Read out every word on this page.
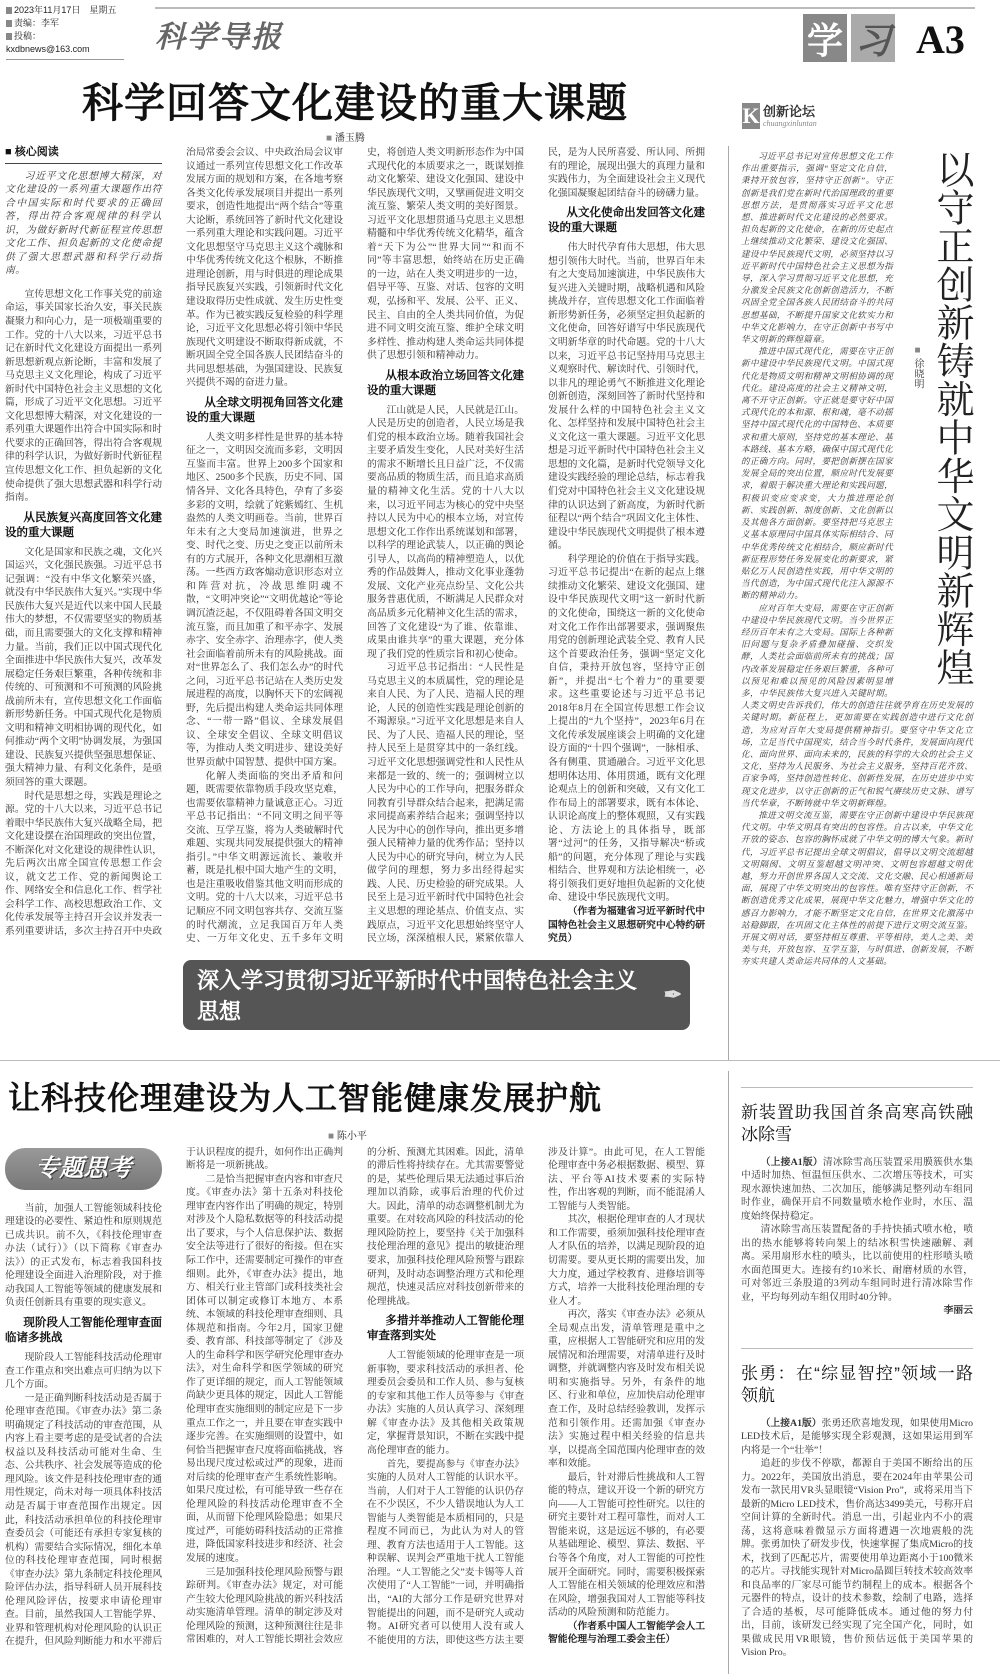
2023年11月17日　星期五
责编：李军
投稿：kxdbnews@163.com	科学导报	学 习 A3
科学回答文化建设的重大课题
■ 潘玉腾
K 创新论坛
chuangxinluntan
■ 核心阅读

习近平文化思想博大精深，对文化建设的一系列重大课题作出符合中国实际和时代要求的正确回答，得出符合客观规律的科学认识，为做好新时代新征程宣传思想文化工作、担负起新的文化使命提供了强大思想武器和科学行动指南。

宣传思想文化工作事关党的前途命运，事关国家长治久安，事关民族凝聚力和向心力，是一项极端重要的工作。党的十八大以来，习近平总书记在新时代文化建设方面提出一系列新思想新观点新论断，丰富和发展了马克思主义文化理论，构成了习近平新时代中国特色社会主义思想的文化篇，形成了习近平文化思想。习近平文化思想博大精深，对文化建设的一系列重大课题作出符合中国实际和时代要求的正确回答，得出符合客观规律的科学认识，为做好新时代新征程宣传思想文化工作、担负起新的文化使命提供了强大思想武器和科学行动指南。

从民族复兴高度回答文化建设的重大课题

文化是国家和民族之魂，文化兴国运兴，文化强民族强。习近平总书记强调：“没有中华文化繁荣兴盛，就没有中华民族伟大复兴。”实现中华民族伟大复兴是近代以来中国人民最伟大的梦想，不仅需要坚实的物质基础，而且需要强大的文化支撑和精神力量。当前，我们正以中国式现代化全面推进中华民族伟大复兴，改革发展稳定任务艰巨繁重，各种传统和非传统的、可预测和不可预测的风险挑战前所未有，宣传思想文化工作面临新形势新任务。中国式现代化是物质文明和精神文明相协调的现代化，如何推动“两个文明”协调发展，为强国建设、民族复兴提供坚强思想保证、强大精神力量、有利文化条件，是亟须回答的重大课题。

时代是思想之母，实践是理论之源。党的十八大以来，习近平总书记着眼中华民族伟大复兴战略全局，把文化建设摆在治国理政的突出位置，不断深化对文化建设的规律性认识，先后两次出席全国宣传思想工作会议，就文艺工作、党的新闻舆论工作、网络安全和信息化工作、哲学社会科学工作、高校思想政治工作、文化传承发展等主持召开会议并发表一系列重要讲话，多次主持召开中央政治局常委会会议、中央政治局会议审议通过一系列宣传思想文化工作改革发展方面的规划和方案，在各地考察各类文化传承发展项目并提出一系列要求，创造性地提出“两个结合”等重大论断，系统回答了新时代文化建设一系列重大理论和实践问题。习近平文化思想坚守马克思主义这个魂脉和中华优秀传统文化这个根脉，不断推进理论创新，用与时俱进的理论成果指导民族复兴实践，引领新时代文化建设取得历史性成就、发生历史性变革。作为已被实践反复检验的科学理论，习近平文化思想必将引领中华民族现代文明建设不断取得新成就，不断巩固全党全国各族人民团结奋斗的共同思想基础，为强国建设、民族复兴提供不竭的奋进力量。

从全球文明视角回答文化建设的重大课题

人类文明多样性是世界的基本特征之一，文明因交流而多彩，文明因互鉴而丰富。世界上200多个国家和地区、2500多个民族，历史不同、国情各异、文化各具特色，孕育了多姿多彩的文明，绘就了姹紫嫣红、生机盎然的人类文明画卷。当前，世界百年未有之大变局加速演进，世界之变、时代之变、历史之变正以前所未有的方式展开，各种文化思潮相互激荡。一些西方政客煽动意识形态对立和阵营对抗，冷战思维阴魂不散，“文明冲突论”“文明优越论”等论调沉渣泛起，不仅阻碍着各国文明交流互鉴，而且加重了和平赤字、发展赤字、安全赤字、治理赤字，使人类社会面临着前所未有的风险挑战。面对“世界怎么了、我们怎么办”的时代之问，习近平总书记站在人类历史发展进程的高度，以胸怀天下的宏阔视野，先后提出构建人类命运共同体理念、“一带一路”倡议、全球发展倡议、全球安全倡议、全球文明倡议等，为推动人类文明进步、建设美好世界贡献中国智慧、提供中国方案。

化解人类面临的突出矛盾和问题，既需要依靠物质手段攻坚克难，也需要依靠精神力量诚意正心。习近平总书记指出：“不同文明之间平等交流、互学互鉴，将为人类破解时代难题、实现共同发展提供强大的精神指引。”中华文明源远流长、兼收并蓄，既是扎根中国大地产生的文明，也是注重吸收借鉴其他文明而形成的文明。党的十八大以来，习近平总书记顺应不同文明包容共存、交流互鉴的时代潮流，立足我国百万年人类史、一万年文化史、五千多年文明史，将创造人类文明新形态作为中国式现代化的本质要求之一，既谋划推动文化繁荣、建设文化强国、建设中华民族现代文明，又擘画促进文明交流互鉴、繁荣人类文明的美好图景。习近平文化思想贯通马克思主义思想精髓和中华优秀传统文化精华，蕴含着“天下为公”“世界大同”“和而不同”等丰富思想，始终站在历史正确的一边，站在人类文明进步的一边，倡导平等、互鉴、对话、包容的文明观，弘扬和平、发展、公平、正义、民主、自由的全人类共同价值，为促进不同文明交流互鉴、维护全球文明多样性、推动构建人类命运共同体提供了思想引领和精神动力。

从根本政治立场回答文化建设的重大课题

江山就是人民，人民就是江山。人民是历史的创造者，人民立场是我们党的根本政治立场。随着我国社会主要矛盾发生变化，人民对美好生活的需求不断增长且日益广泛，不仅需要高品质的物质生活，而且追求高质量的精神文化生活。党的十八大以来，以习近平同志为核心的党中央坚持以人民为中心的根本立场，对宣传思想文化工作作出系统谋划和部署，以科学的理论武装人，以正确的舆论引导人，以高尚的精神塑造人，以优秀的作品鼓舞人，推动文化事业蓬勃发展、文化产业亮点纷呈、文化公共服务普惠优质，不断满足人民群众对高品质多元化精神文化生活的需求，回答了文化建设“为了谁、依靠谁、成果由谁共享”的重大课题，充分体现了我们党的性质宗旨和初心使命。

习近平总书记指出：“人民性是马克思主义的本质属性，党的理论是来自人民、为了人民、造福人民的理论，人民的创造性实践是理论创新的不竭源泉。”习近平文化思想是来自人民、为了人民、造福人民的理论，坚持人民至上是贯穿其中的一条红线。习近平文化思想强调党性和人民性从来都是一致的、统一的；强调树立以人民为中心的工作导向，把服务群众同教育引导群众结合起来，把满足需求同提高素养结合起来；强调坚持以人民为中心的创作导向，推出更多增强人民精神力量的优秀作品；坚持以人民为中心的研究导向，树立为人民做学问的理想，努力多出经得起实践、人民、历史检验的研究成果。人民至上是习近平新时代中国特色社会主义思想的理论基点、价值支点、实践原点，习近平文化思想始终坚守人民立场，深深植根人民，紧紧依靠人民，是为人民所喜爱、所认同、所拥有的理论，展现出强大的真理力量和实践伟力，为全面建设社会主义现代化强国凝聚起团结奋斗的磅礴力量。

从文化使命出发回答文化建设的重大课题

伟大时代孕育伟大思想，伟大思想引领伟大时代。当前，世界百年未有之大变局加速演进，中华民族伟大复兴进入关键时期，战略机遇和风险挑战并存，宣传思想文化工作面临着新形势新任务，必须坚定担负起新的文化使命，回答好谱写中华民族现代文明新华章的时代命题。党的十八大以来，习近平总书记坚持用马克思主义观察时代、解读时代、引领时代，以非凡的理论勇气不断推进文化理论创新创造，深刻回答了新时代坚持和发展什么样的中国特色社会主义文化、怎样坚持和发展中国特色社会主义文化这一重大课题。习近平文化思想是习近平新时代中国特色社会主义思想的文化篇，是新时代党领导文化建设实践经验的理论总结，标志着我们党对中国特色社会主义文化建设规律的认识达到了新高度，为新时代新征程以“两个结合”巩固文化主体性、建设中华民族现代文明提供了根本遵循。

科学理论的价值在于指导实践。习近平总书记提出“在新的起点上继续推动文化繁荣、建设文化强国、建设中华民族现代文明”这一新时代新的文化使命，围绕这一新的文化使命对文化工作作出部署要求，强调聚焦用党的创新理论武装全党、教育人民这个首要政治任务，强调“坚定文化自信，秉持开放包容，坚持守正创新”，并提出“七个着力”的重要要求。这些重要论述与习近平总书记2018年8月在全国宣传思想工作会议上提出的“九个坚持”，2023年6月在文化传承发展座谈会上明确的文化建设方面的“十四个强调”，一脉相承、各有侧重、贯通融合。习近平文化思想明体达用、体用贯通，既有文化理论观点上的创新和突破，又有文化工作布局上的部署要求，既有本体论、认识论高度上的整体观照，又有实践论、方法论上的具体指导，既部署“过河”的任务，又指导解决“桥或船”的问题，充分体现了理论与实践相结合、世界观和方法论相统一，必将引领我们更好地担负起新的文化使命、建设中华民族现代文明。

（作者为福建省习近平新时代中国特色社会主义思想研究中心特约研究员）

深入学习贯彻习近平新时代中国特色社会主义思想
✒
■ 徐晓明 以守正创新铸就中华文明新辉煌

习近平总书记对宣传思想文化工作作出重要指示，强调“坚定文化自信，秉持开放包容，坚持守正创新”。守正创新是我们党在新时代治国理政的重要思想方法，是贯彻落实习近平文化思想、推进新时代文化建设的必然要求。担负起新的文化使命，在新的历史起点上继续推动文化繁荣、建设文化强国、建设中华民族现代文明，必须坚持以习近平新时代中国特色社会主义思想为指导，深入学习贯彻习近平文化思想，充分激发全民族文化创新创造活力，不断巩固全党全国各族人民团结奋斗的共同思想基础，不断提升国家文化软实力和中华文化影响力，在守正创新中书写中华文明新的辉煌篇章。

推进中国式现代化，需要在守正创新中建设中华民族现代文明。中国式现代化是物质文明和精神文明相协调的现代化。建设高度的社会主义精神文明，离不开守正创新。守正就是要守好中国式现代化的本和源、根和魂，毫不动摇坚持中国式现代化的中国特色、本质要求和重大原则，坚持党的基本理论、基本路线、基本方略，确保中国式现代化的正确方向。同时，要把创新摆在国家发展全局的突出位置，顺应时代发展要求，着眼于解决重大理论和实践问题，积极识变应变求变，大力推进理论创新、实践创新、制度创新、文化创新以及其他各方面创新。要坚持把马克思主义基本原理同中国具体实际相结合、同中华优秀传统文化相结合，顺应新时代新征程形势任务发展变化的新要求，紧贴亿万人民创造性实践，用中华文明的当代创造，为中国式现代化注入源源不断的精神动力。

应对百年大变局，需要在守正创新中建设中华民族现代文明。当今世界正经历百年未有之大变局。国际上各种新旧问题与复杂矛盾叠加碰撞、交织发酵，人类社会面临前所未有的挑战；国内改革发展稳定任务艰巨繁重，各种可以预见和难以预见的风险因素明显增多，中华民族伟大复兴进入关键时期。人类文明史告诉我们，伟大的创造往往就孕育在历史发展的关键时期。新征程上，更加需要在实践创造中进行文化创造，为应对百年大变局提供精神指引。要坚守中华文化立场，立足当代中国现实，结合当今时代条件，发展面向现代化、面向世界、面向未来的，民族的科学的大众的社会主义文化，坚持为人民服务、为社会主义服务，坚持百花齐放、百家争鸣，坚持创造性转化、创新性发展，在历史进步中实现文化进步，以守正创新的正气和锐气赓续历史文脉、谱写当代华章，不断铸就中华文明新辉煌。

推进文明交流互鉴，需要在守正创新中建设中华民族现代文明。中华文明具有突出的包容性。自古以来，中华文化开放的姿态、包容的胸怀成就了中华文明的博大气象。新时代，习近平总书记提出全球文明倡议，倡导以文明交流超越文明隔阂、文明互鉴超越文明冲突、文明包容超越文明优越，努力开创世界各国人文交流、文化交融、民心相通新局面，展现了中华文明突出的包容性。唯有坚持守正创新，不断创造优秀文化成果，展现中华文化魅力，增强中华文化的感召力影响力，才能不断坚定文化自信，在世界文化激荡中站稳脚跟，在巩固文化主体性的前提下进行文明交流互鉴。开展文明对话，要坚持相互尊重、平等相待，美人之美、美美与共，开放包容、互学互鉴，与时俱进、创新发展，不断夯实共建人类命运共同体的人文基础。

让科技伦理建设为人工智能健康发展护航
■ 陈小平
专题思考

当前，加强人工智能领域科技伦理建设的必要性、紧迫性和原则规范已成共识。前不久，《科技伦理审查办法（试行）》（以下简称《审查办法》）的正式发布，标志着我国科技伦理建设全面进入治理阶段，对于推动我国人工智能等领域的健康发展和负责任创新具有重要的现实意义。

现阶段人工智能伦理审查面临诸多挑战

现阶段人工智能科技活动伦理审查工作重点和突出难点可归纳为以下几个方面。

一是正确判断科技活动是否属于伦理审查范围。《审查办法》第二条明确规定了科技活动的审查范围，从内容上看主要考虑的是受试者的合法权益以及科技活动可能对生命、生态、公共秩序、社会发展等造成的伦理风险。该文件是科技伦理审查的通用性规定，尚未对每一项具体科技活动是否属于审查范围作出规定。因此，科技活动承担单位的科技伦理审查委员会（可能还有承担专家复核的机构）需要结合实际情况，细化本单位的科技伦理审查范围，同时根据《审查办法》第九条制定科技伦理风险评估办法，指导科研人员开展科技伦理风险评估，按要求申请伦理审查。目前，虽然我国人工智能学界、业界和管理机构对伦理风险的认识正在提升，但风险判断能力和水平滞后于认识程度的提升，如何作出正确判断将是一项新挑战。

二是恰当把握审查内容和审查尺度。《审查办法》第十五条对科技伦理审查内容作出了明确的规定，特别对涉及个人隐私数据等的科技活动提出了要求，与个人信息保护法、数据安全法等进行了很好的衔接。但在实际工作中，还需要制定可操作的审查细则。此外，《审查办法》提出，地方、相关行业主管部门或科技类社会团体可以制定或修订本地方、本系统、本领域的科技伦理审查细则、具体规范和指南。今年2月，国家卫健委、教育部、科技部等制定了《涉及人的生命科学和医学研究伦理审查办法》，对生命科学和医学领域的研究作了更详细的规定，而人工智能领域尚缺少更具体的规定，因此人工智能伦理审查实施细则的制定应是下一步重点工作之一，并且要在审查实践中逐步完善。在实施细则的设置中，如何恰当把握审查尺度将面临挑战，容易出现尺度过松或过严的现象，进而对后续的伦理审查产生系统性影响。如果尺度过松，有可能导致一些存在伦理风险的科技活动伦理审查不全面，从而留下伦理风险隐患；如果尺度过严，可能妨碍科技活动的正常推进，降低国家科技进步和经济、社会发展的速度。

三是加强科技伦理风险预警与跟踪研判。《审查办法》规定，对可能产生较大伦理风险挑战的新兴科技活动实施清单管理。清单的制定涉及对伦理风险的预测，这种预测往往是非常困难的，对人工智能长期社会效应的分析、预测尤其困难。因此，清单的滞后性将持续存在。尤其需要警觉的是，某些伦理后果无法通过事后治理加以消除，或事后治理的代价过大。因此，清单的动态调整机制尤为重要。在对较高风险的科技活动的伦理风险防控上，要坚持《关于加强科技伦理治理的意见》提出的敏捷治理要求，加强科技伦理风险预警与跟踪研判，及时动态调整治理方式和伦理规范，快速灵活应对科技创新带来的伦理挑战。

多措并举推动人工智能伦理审查落到实处

人工智能领域的伦理审查是一项新事物，要求科技活动的承担者、伦理委员会委员和工作人员、参与复核的专家和其他工作人员等参与《审查办法》实施的人员认真学习、深刻理解《审查办法》及其他相关政策规定，掌握背景知识，不断在实践中提高伦理审查的能力。

首先，要提高参与《审查办法》实施的人员对人工智能的认识水平。当前，人们对于人工智能的认识仍存在不少误区，不少人错误地认为人工智能与人类智能是本质相同的，只是程度不同而已，为此认为对人的管理、教育方法也适用于人工智能。这种误解、误判会严重地干扰人工智能治理。“人工智能之父”麦卡锡等人首次使用了“人工智能”一词，并明确指出，“AI的大部分工作是研究世界对智能提出的问题，而不是研究人或动物。AI研究者可以使用人没有或人不能使用的方法，即使这些方法主要涉及计算”。由此可见，在人工智能伦理审查中务必根据数据、模型、算法、平台等AI技术要素的实际特性，作出客观的判断，而不能混淆人工智能与人类智能。

其次，根据伦理审查的人才现状和工作需要，亟须加强科技伦理审查人才队伍的培养，以满足现阶段的迫切需要。要从更长期的需要出发，加大力度，通过学校教育、进修培训等方式，培养一大批科技伦理治理的专业人才。

再次，落实《审查办法》必须从全局观点出发，清单管理是重中之重，应根据人工智能研究和应用的发展情况和治理需要，对清单进行及时调整，并就调整内容及时发布相关说明和实施指导。另外，有条件的地区、行业和单位，应加快启动伦理审查工作，及时总结经验教训，发挥示范和引领作用。还需加强《审查办法》实施过程中相关经验的信息共享，以提高全国范围内伦理审查的效率和效能。

最后，针对滞后性挑战和人工智能的特点，建议开设一个新的研究方向——人工智能可控性研究。以往的研究主要针对工程可靠性，而对人工智能来说，这是远远不够的，有必要从基础理论、模型、算法、数据、平台等各个角度，对人工智能的可控性展开全面研究。同时，需要积极探索人工智能在相关领域的伦理效应和潜在风险，增强我国对人工智能等科技活动的风险预测和防范能力。

（作者系中国人工智能学会人工智能伦理与治理工委会主任）

新装置助我国首条高寒高铁融冰除雪

（上接A1版）清冰除雪高压装置采用膜簇供水集中适时加热、恒温恒压供水、二次增压等技术，可实现水源快速加热、二次加压，能够满足整列动车组同时作业，确保开启不同数量喷水枪作业时，水压、温度始终保持稳定。

清冰除雪高压装置配备的手持快插式喷水枪，喷出的热水能够将转向架上的结冰积雪快速融解、剥离。采用扇形水柱的喷头，比以前使用的柱形喷头喷水面范围更大。连接有约10米长、耐磨材质的水管，可对邻近三条股道的3列动车组同时进行清冰除雪作业，平均每列动车组仅用时40分钟。

李丽云
张勇：在“综显智控”领域一路领航

（上接A1版）张勇还欣喜地发现，如果使用Micro LED技术后，是能够实现全彩观测，这如果运用到军内将是一个“壮举”！

追赶的步伐不停歇，都源自于美国不断给出的压力。2022年，美国放出消息，要在2024年由苹果公司发布一款民用VR头显眼镜“Vision Pro”，或将采用当下最新的Micro LED技术，售价高达3499美元，号称开启空间计算的全新时代。消息一出，引起业内不小的震荡，这将意味着微显示方面将遭遇一次地震般的洗牌。张勇加快了研发步伐，快速掌握了集成Micro的技术，找到了匹配芯片，需要使用单边距离小于100微米的芯片。寻找能实现针对Micro晶圆巨转技术较高效率和良品率的厂家尽可能节约制程上的成本。根据各个元器件的特点，设计的技术参数，绘制了电路，选择了合适的基板，尽可能降低成本。通过他的努力付出，目前，该研发已经实现了完全国产化，同时，如果做成民用VR眼镜，售价预估远低于美国苹果的Vision Pro。
